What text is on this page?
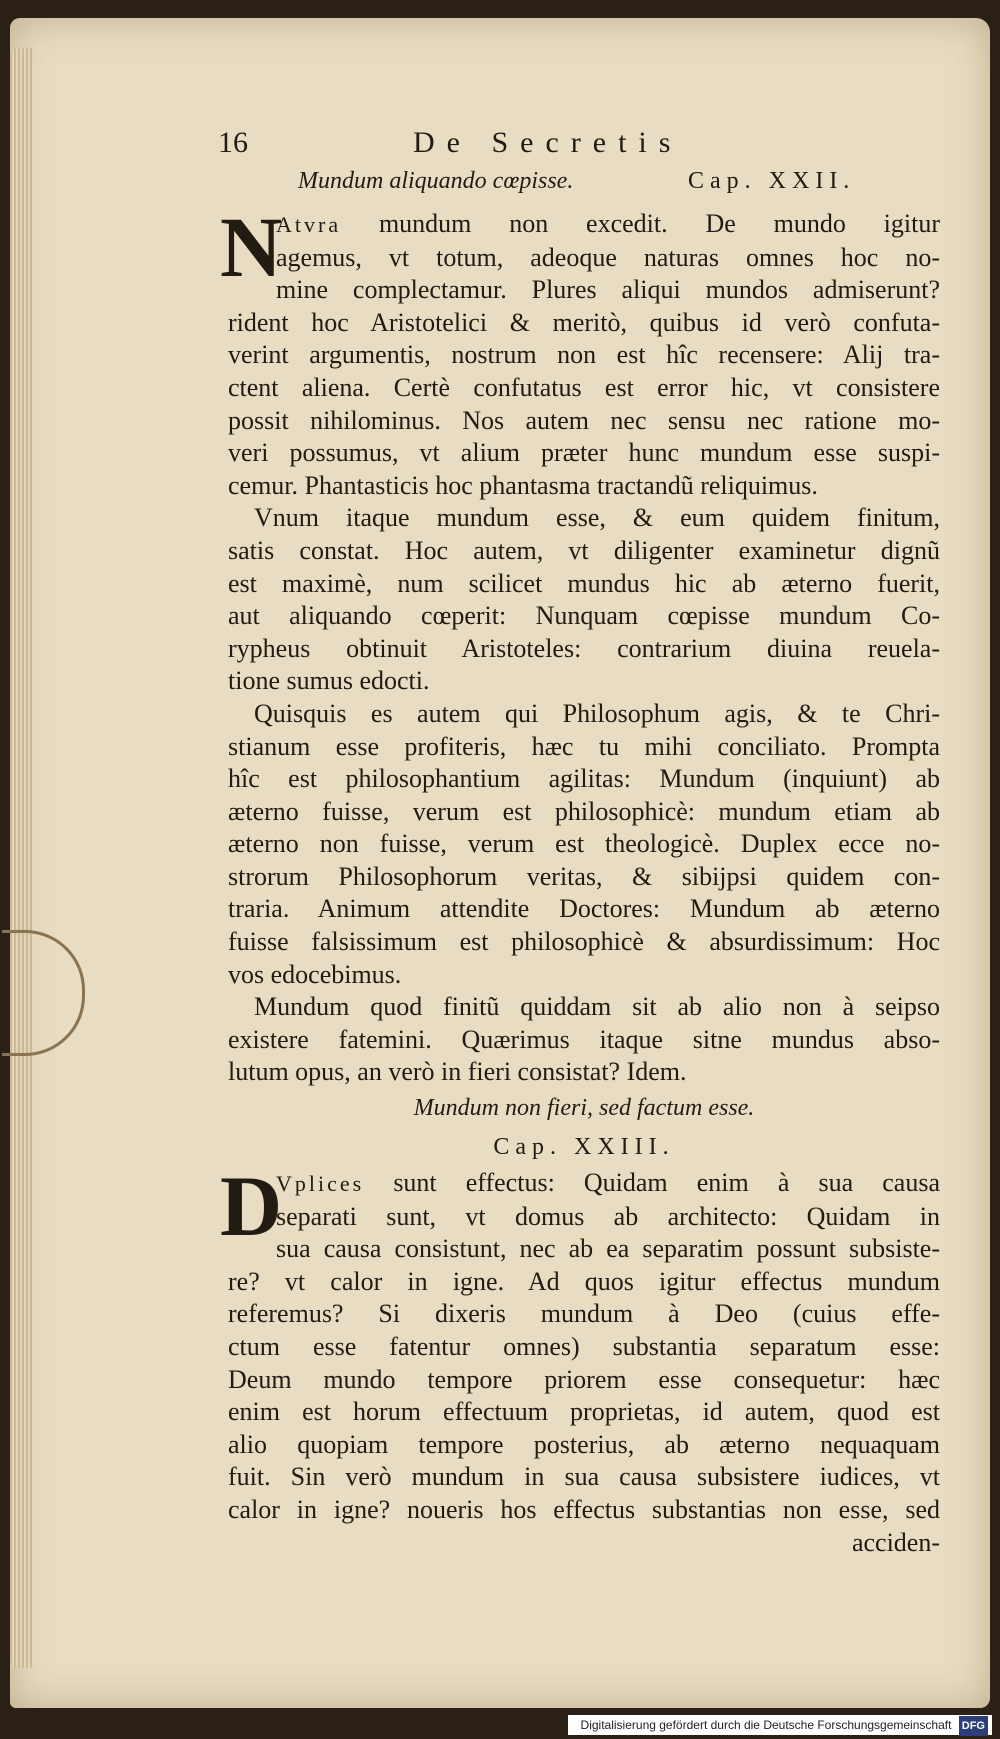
16	De Secretis
Mundum aliquando cœpisse.	Cap. XXII.
N
Atvra mundum non excedit. De mundo igitur
agemus, vt totum, adeoque naturas omnes hoc no-
mine complectamur. Plures aliqui mundos admiserunt?
rident hoc Aristotelici & meritò, quibus id verò confuta-
verint argumentis, nostrum non est hîc recensere: Alij tra-
ctent aliena. Certè confutatus est error hic, vt consistere
possit nihilominus. Nos autem nec sensu nec ratione mo-
veri possumus, vt alium præter hunc mundum esse suspi-
cemur. Phantasticis hoc phantasma tractandũ reliquimus.
Vnum itaque mundum esse, & eum quidem finitum,
satis constat. Hoc autem, vt diligenter examinetur dignũ
est maximè, num scilicet mundus hic ab æterno fuerit,
aut aliquando cœperit: Nunquam cœpisse mundum Co-
rypheus obtinuit Aristoteles: contrarium diuina reuela-
tione sumus edocti.
Quisquis es autem qui Philosophum agis, & te Chri-
stianum esse profiteris, hæc tu mihi conciliato. Prompta
hîc est philosophantium agilitas: Mundum (inquiunt) ab
æterno fuisse, verum est philosophicè: mundum etiam ab
æterno non fuisse, verum est theologicè. Duplex ecce no-
strorum Philosophorum veritas, & sibijpsi quidem con-
traria. Animum attendite Doctores: Mundum ab æterno
fuisse falsissimum est philosophicè & absurdissimum: Hoc
vos edocebimus.
Mundum quod finitũ quiddam sit ab alio non à seipso
existere fatemini. Quærimus itaque sitne mundus abso-
lutum opus, an verò in fieri consistat? Idem.
Mundum non fieri, sed factum esse.
Cap. XXIII.
D
Vplices sunt effectus: Quidam enim à sua causa
separati sunt, vt domus ab architecto: Quidam in
sua causa consistunt, nec ab ea separatim possunt subsiste-
re? vt calor in igne. Ad quos igitur effectus mundum
referemus? Si dixeris mundum à Deo (cuius effe-
ctum esse fatentur omnes) substantia separatum esse:
Deum mundo tempore priorem esse consequetur: hæc
enim est horum effectuum proprietas, id autem, quod est
alio quopiam tempore posterius, ab æterno nequaquam
fuit. Sin verò mundum in sua causa subsistere iudices, vt
calor in igne? noueris hos effectus substantias non esse, sed
acciden-
Digitalisierung gefördert durch die Deutsche Forschungsgemeinschaft DFG
